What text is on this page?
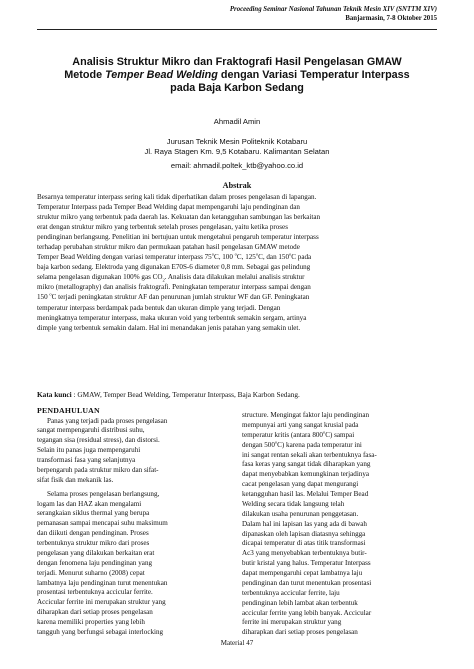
Proceeding Seminar Nasional Tahunan Teknik Mesin XIV (SNTTM XIV)
Banjarmasin, 7-8 Oktober 2015
Analisis Struktur Mikro dan Fraktografi Hasil Pengelasan GMAW
Metode Temper Bead Welding dengan Variasi Temperatur Interpass
pada Baja Karbon Sedang
Ahmadil Amin
Jurusan Teknik Mesin Politeknik Kotabaru
Jl. Raya Stagen Km. 9,5 Kotabaru. Kalimantan Selatan
email: ahmadil.poltek_ktb@yahoo.co.id
Abstrak
Besarnya temperatur interpass sering kali tidak diperhatikan dalam proses pengelasan di lapangan.
Temperatur Interpass pada Temper Bead Welding dapat mempengaruhi laju pendinginan dan
struktur mikro yang terbentuk pada daerah las. Kekuatan dan ketangguhan sambungan las berkaitan
erat dengan struktur mikro yang terbentuk setelah proses pengelasan, yaitu ketika proses
pendinginan berlangsung. Penelitian ini bertujuan untuk mengetahui pengaruh temperatur interpass
terhadap perubahan struktur mikro dan permukaan patahan hasil pengelasan GMAW metode
Temper Bead Welding dengan variasi temperatur interpass 75$^o$C, 100 $^o$C, 125$^o$C, dan 150$^o$C pada
baja karbon sedang. Elektroda yang digunakan E70S-6 diameter 0,8 mm. Sebagai gas pelindung
selama pengelasan digunakan 100% gas $CO_2$. Analisis data dilakukan melalui analisis struktur
mikro (metallography) dan analisis fraktografi. Peningkatan temperatur interpass sampai dengan
150 $^o$C terjadi peningkatan struktur AF dan penurunan jumlah struktur WF dan GF. Peningkatan
temperatur interpass berdampak pada bentuk dan ukuran dimple yang terjadi. Dengan
meningkatnya temperatur interpass, maka ukuran void yang terbentuk semakin sergam, artinya
dimple yang terbentuk semakin dalam. Hal ini menandakan jenis patahan yang semakin ulet.

Kata kunci : GMAW, Temper Bead Welding, Temperatur Interpass, Baja Karbon Sedang.

PENDAHULUAN

Panas yang terjadi pada proses pengelasan

sangat mempengaruhi distribusi suhu,

tegangan sisa (residual stress), dan distorsi.

Selain itu panas juga mempengaruhi

transformasi fasa yang selanjutnya

berpengaruh pada struktur mikro dan sifat-

sifat fisik dan mekanik las.

Selama proses pengelasan berlangsung,

logam las dan HAZ akan mengalami

serangkaian siklus thermal yang berupa

pemanasan sampai mencapai suhu maksimum

dan diikuti dengan pendinginan. Proses

terbentuknya struktur mikro dari proses

pengelasan yang dilakukan berkaitan erat

dengan fenomena laju pendinginan yang

terjadi. Menurut suharno (2008) cepat

lambatnya laju pendinginan turut menentukan

prosentasi terbentuknya accicular ferrite.

Accicular ferrite ini merupakan struktur yang

diharapkan dari setiap proses pengelasan

karena memiliki properties yang lebih

tangguh yang berfungsi sebagai interlocking

structure. Mengingat faktor laju pendinginan

mempunyai arti yang sangat krusial pada

temperatur kritis (antara 800$^o$C) sampai

dengan 500$^o$C) karena pada temperatur ini

ini sangat rentan sekali akan terbentuknya fasa-

fasa keras yang sangat tidak diharapkan yang

dapat menyebabkan kemungkinan terjadinya

cacat pengelasan yang dapat mengurangi

ketangguhan hasil las. Melalui Temper Bead

Welding secara tidak langsung telah

dilakukan usaha penurunan penggetasan.

Dalam hal ini lapisan las yang ada di bawah

dipanaskan oleh lapisan diatasnya sehingga

dicapai temperatur di atas titik transformasi

Ac3 yang menyebabkan terbentuknya butir-

butir kristal yang halus. Temperatur Interpass

dapat mempengaruhi cepat lambatnya laju

pendinginan dan turut menentukan prosentasi

terbentuknya accicular ferrite, laju

pendinginan lebih lambat akan terbentuk

accicular ferrite yang lebih banyak. Accicular

ferrite ini merupakan struktur yang

diharapkan dari setiap proses pengelasan

Material 47
